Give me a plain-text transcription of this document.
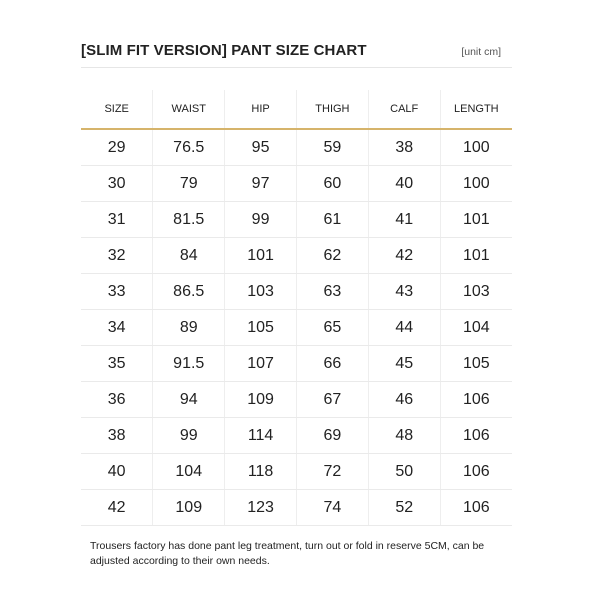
[SLIM FIT VERSION] PANT SIZE CHART	[unit cm]
SIZE	WAIST	HIP	THIGH	CALF	LENGTH
29	76.5	95	59	38	100
30	79	97	60	40	100
31	81.5	99	61	41	101
32	84	101	62	42	101
33	86.5	103	63	43	103
34	89	105	65	44	104
35	91.5	107	66	45	105
36	94	109	67	46	106
38	99	114	69	48	106
40	104	118	72	50	106
42	109	123	74	52	106
Trousers factory has done pant leg treatment, turn out or fold in reserve 5CM, can be adjusted according to their own needs.
